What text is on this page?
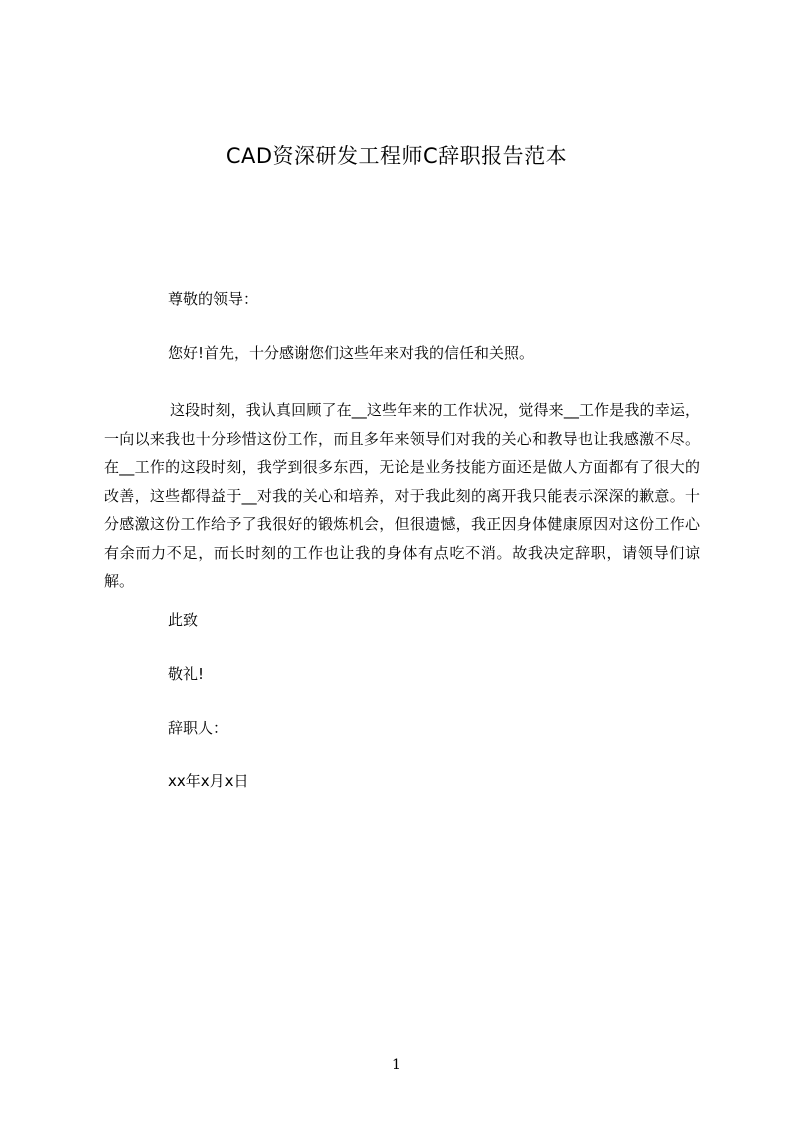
CAD资深研发工程师C辞职报告范本
尊敬的领导：
您好!首先，十分感谢您们这些年来对我的信任和关照。
这段时刻，我认真回顾了在__这些年来的工作状况，觉得来__工作是我的幸运，一向以来我也十分珍惜这份工作，而且多年来领导们对我的关心和教导也让我感激不尽。在__工作的这段时刻，我学到很多东西，无论是业务技能方面还是做人方面都有了很大的改善，这些都得益于__对我的关心和培养，对于我此刻的离开我只能表示深深的歉意。十分感激这份工作给予了我很好的锻炼机会，但很遗憾，我正因身体健康原因对这份工作心有余而力不足，而长时刻的工作也让我的身体有点吃不消。故我决定辞职，请领导们谅解。
此致
敬礼!
辞职人：
xx年x月x日
1
